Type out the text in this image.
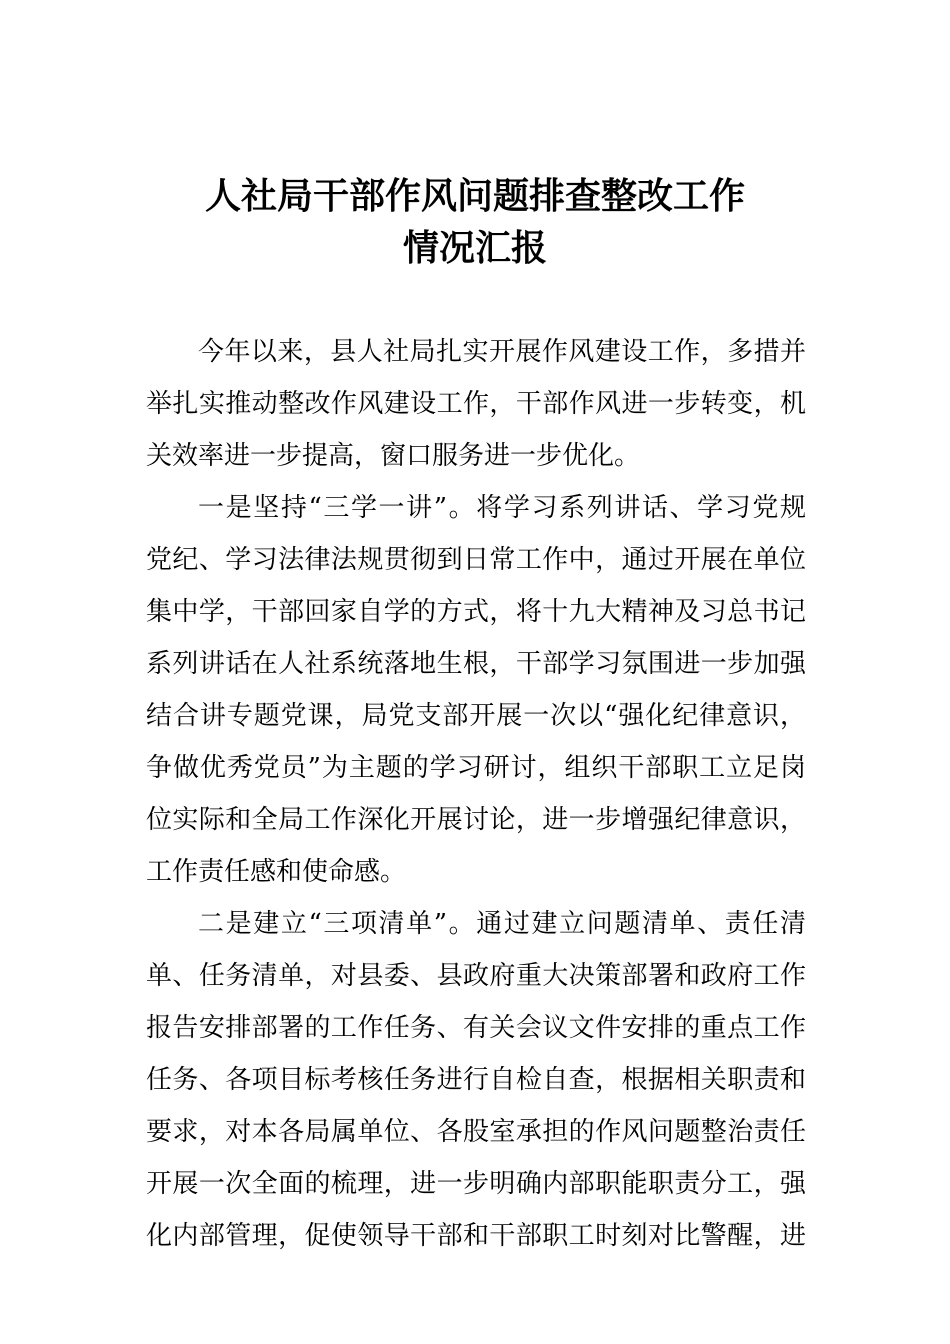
人社局干部作风问题排查整改工作
情况汇报
今年以来，县人社局扎实开展作风建设工作，多措并
举扎实推动整改作风建设工作，干部作风进一步转变，机
关效率进一步提高，窗口服务进一步优化。
一是坚持“三学一讲”。将学习系列讲话、学习党规
党纪、学习法律法规贯彻到日常工作中，通过开展在单位
集中学，干部回家自学的方式，将十九大精神及习总书记
系列讲话在人社系统落地生根，干部学习氛围进一步加强
结合讲专题党课，局党支部开展一次以“强化纪律意识，
争做优秀党员”为主题的学习研讨，组织干部职工立足岗
位实际和全局工作深化开展讨论，进一步增强纪律意识，
工作责任感和使命感。
二是建立“三项清单”。通过建立问题清单、责任清
单、任务清单，对县委、县政府重大决策部署和政府工作
报告安排部署的工作任务、有关会议文件安排的重点工作
任务、各项目标考核任务进行自检自查，根据相关职责和
要求，对本各局属单位、各股室承担的作风问题整治责任
开展一次全面的梳理，进一步明确内部职能职责分工，强
化内部管理，促使领导干部和干部职工时刻对比警醒，进
